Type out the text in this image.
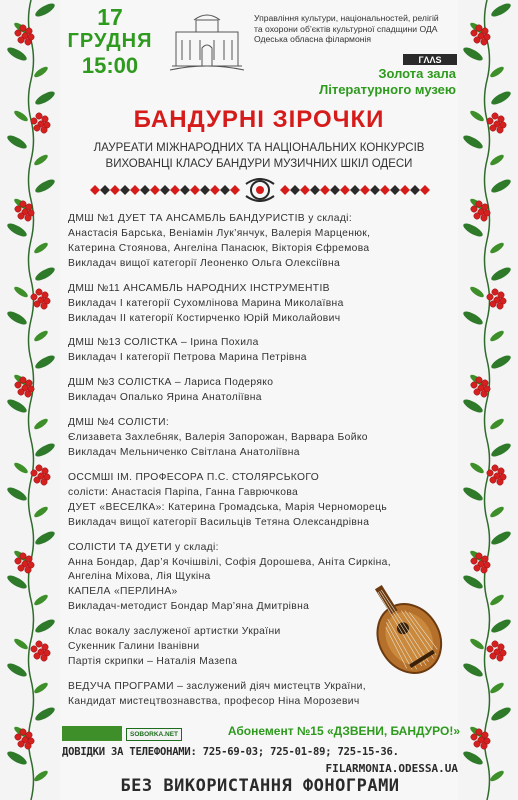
17
ГРУДНЯ
15:00
Управління культури, національностей, релігій
та охорони об’єктів культурної спадщини ОДА
Одеська обласна філармонія
ГΛΛS
Золота зала
Літературного музею
БАНДУРНІ ЗІРОЧКИ
ЛАУРЕАТИ МІЖНАРОДНИХ ТА НАЦІОНАЛЬНИХ КОНКУРСІВ
ВИХОВАНЦІ КЛАСУ БАНДУРИ МУЗИЧНИХ ШКІЛ ОДЕСИ
ДМШ №1 ДУЕТ ТА АНСАМБЛЬ БАНДУРИСТІВ у складі:
Анастасія Барська, Веніамін Лук’янчук, Валерія Марценюк,
Катерина Стоянова, Ангеліна Панасюк, Вікторія Єфремова
Викладач вищої категорії Леоненко Ольга Олексіївна
ДМШ №11 АНСАМБЛЬ НАРОДНИХ ІНСТРУМЕНТІВ
Викладач І категорії Сухомлінова Марина Миколаївна
Викладач ІІ категорії Костирченко Юрій Миколайович
ДМШ №13 СОЛІСТКА – Ірина Похила
Викладач І категорії Петрова Марина Петрівна
ДШМ №3 СОЛІСТКА – Лариса Подеряко
Викладач Опалько Ярина Анатоліївна
ДМШ №4 СОЛІСТИ:
Єлизавета Захлебняк, Валерія Запорожан, Варвара Бойко
Викладач Мельниченко Світлана Анатоліївна
ОССМШІ ІМ. ПРОФЕСОРА П.С. СТОЛЯРСЬКОГО
солісти: Анастасія Паріпа, Ганна Гаврючкова
ДУЕТ «ВЕСЕЛКА»: Катерина Громадська, Марія Черноморець
Викладач вищої категорії Васильців Тетяна Олександрівна
СОЛІСТИ ТА ДУЕТИ у складі:
Анна Бондар, Дар’я Кочішвілі, Софія Дорошева, Аніта Сиркіна,
Ангеліна Міхова, Лія Щукіна
КАПЕЛА «ПЕРЛИНА»
Викладач-методист Бондар Мар’яна Дмитрівна
Клас вокалу заслуженої артистки України
Сукенник Галини Іванівни
Партія скрипки – Наталія Мазепа
ВЕДУЧА ПРОГРАМИ – заслужений діяч мистецтв України,
Кандидат мистецтвознавства, професор Ніна Морозевич
SOBORKA.NET	Абонемент №15 «ДЗВЕНИ, БАНДУРО!»
ДОВІДКИ ЗА ТЕЛЕФОНАМИ: 725-69-03; 725-01-89; 725-15-36.
FILARMONIA.ODESSA.UA
БЕЗ ВИКОРИСТАННЯ ФОНОГРАМИ
